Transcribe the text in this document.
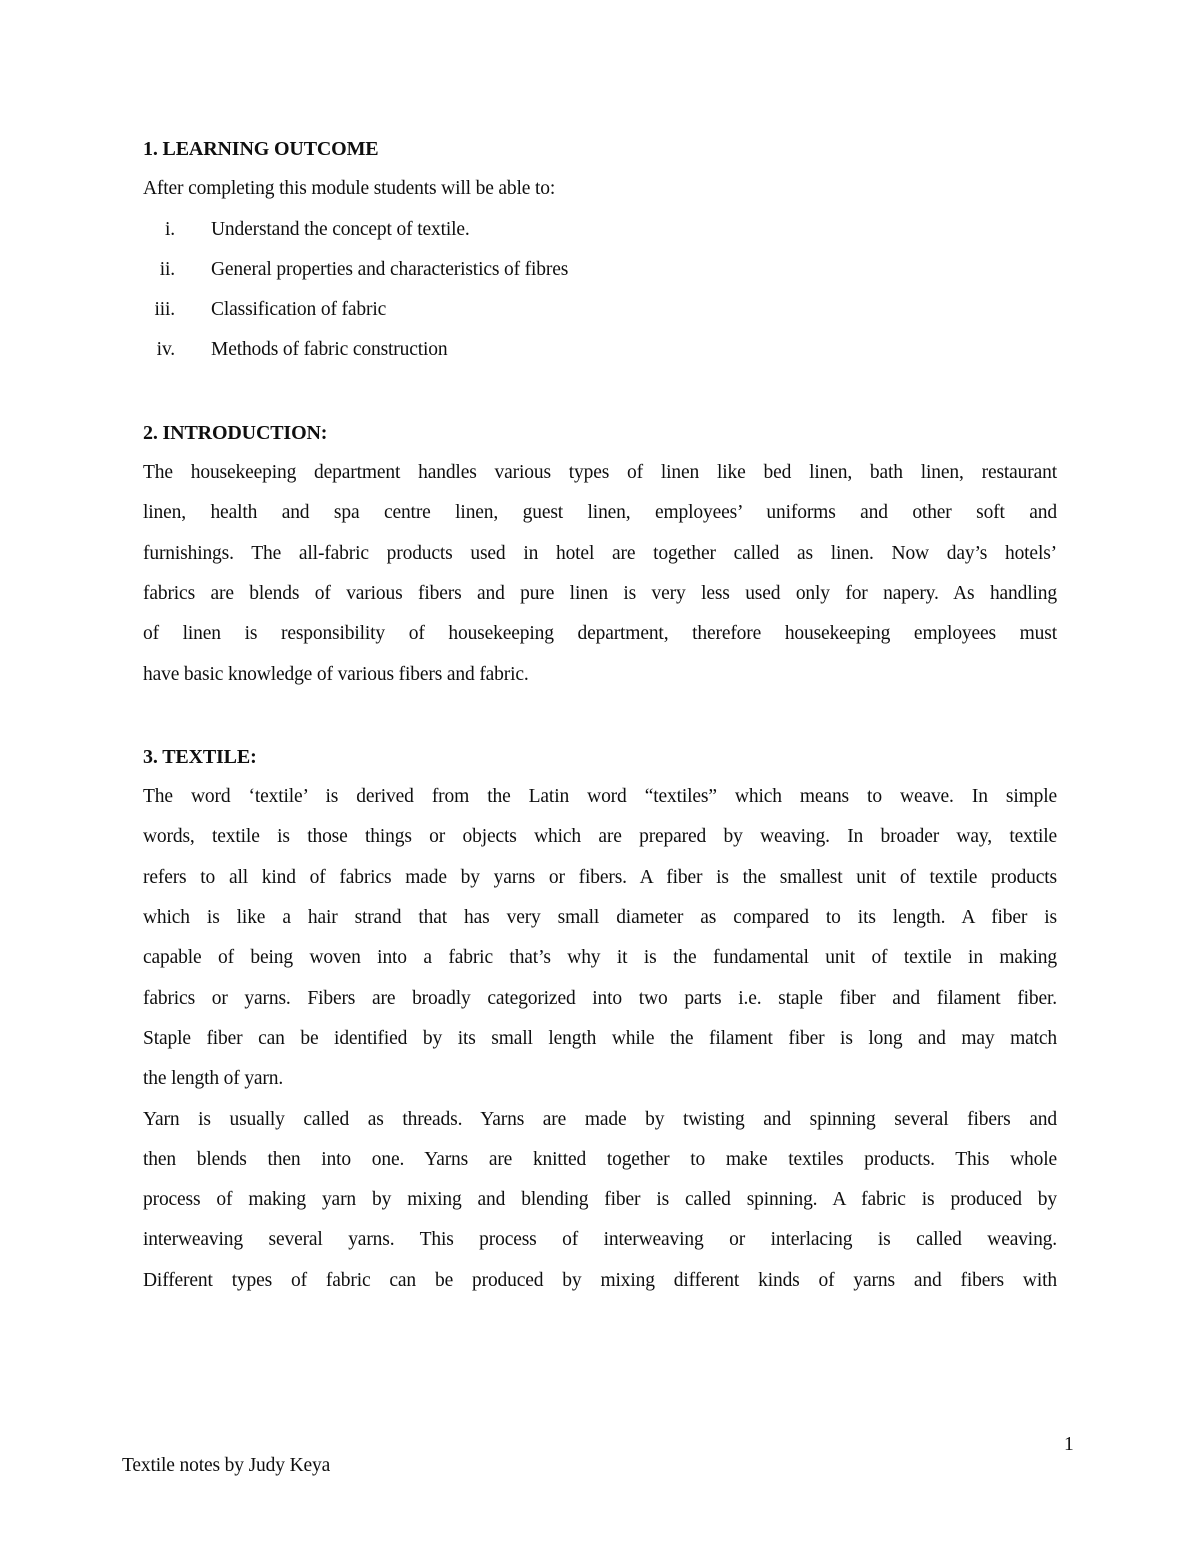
1. LEARNING OUTCOME
After completing this module students will be able to:
i. Understand the concept of textile.
ii. General properties and characteristics of fibres
iii. Classification of fabric
iv. Methods of fabric construction
2. INTRODUCTION:
The housekeeping department handles various types of linen like bed linen, bath linen, restaurant
linen, health and spa centre linen, guest linen, employees’ uniforms and other soft and
furnishings. The all-fabric products used in hotel are together called as linen. Now day’s hotels’
fabrics are blends of various fibers and pure linen is very less used only for napery. As handling
of linen is responsibility of housekeeping department, therefore housekeeping employees must
have basic knowledge of various fibers and fabric.
3. TEXTILE:
The word ‘textile’ is derived from the Latin word “textiles” which means to weave. In simple
words, textile is those things or objects which are prepared by weaving. In broader way, textile
refers to all kind of fabrics made by yarns or fibers. A fiber is the smallest unit of textile products
which is like a hair strand that has very small diameter as compared to its length. A fiber is
capable of being woven into a fabric that’s why it is the fundamental unit of textile in making
fabrics or yarns. Fibers are broadly categorized into two parts i.e. staple fiber and filament fiber.
Staple fiber can be identified by its small length while the filament fiber is long and may match
the length of yarn.
Yarn is usually called as threads. Yarns are made by twisting and spinning several fibers and
then blends then into one. Yarns are knitted together to make textiles products. This whole
process of making yarn by mixing and blending fiber is called spinning. A fabric is produced by
interweaving several yarns. This process of interweaving or interlacing is called weaving.
Different types of fabric can be produced by mixing different kinds of yarns and fibers with
1
Textile notes by Judy Keya
